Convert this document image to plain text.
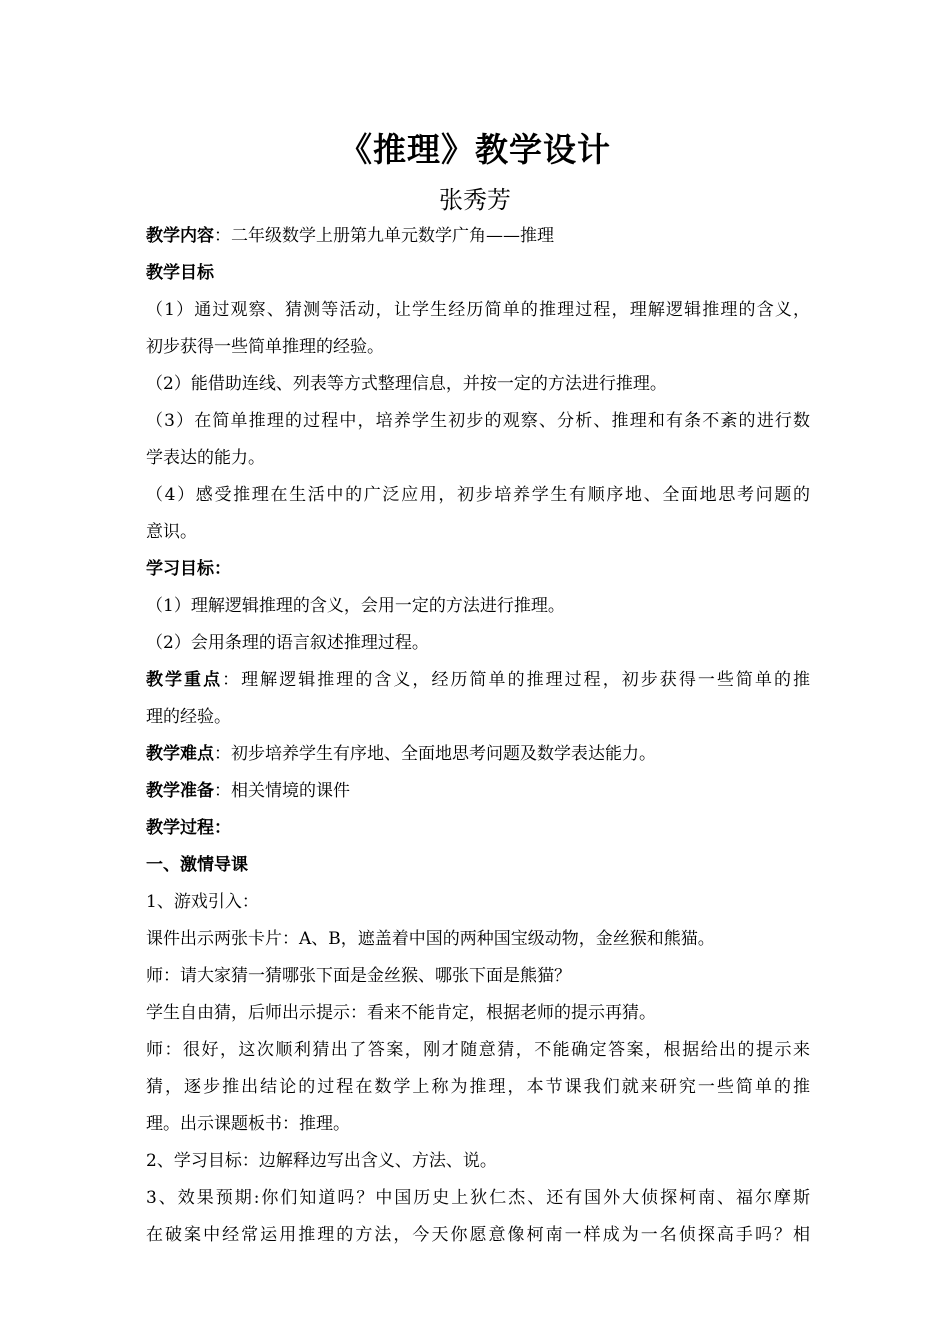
《推理》教学设计
张秀芳
教学内容：二年级数学上册第九单元数学广角——推理
教学目标
（1）通过观察、猜测等活动，让学生经历简单的推理过程，理解逻辑推理的含义，
初步获得一些简单推理的经验。
（2）能借助连线、列表等方式整理信息，并按一定的方法进行推理。
（3）在简单推理的过程中，培养学生初步的观察、分析、推理和有条不紊的进行数
学表达的能力。
（4）感受推理在生活中的广泛应用，初步培养学生有顺序地、全面地思考问题的
意识。
学习目标：
（1）理解逻辑推理的含义，会用一定的方法进行推理。
（2）会用条理的语言叙述推理过程。
教学重点：理解逻辑推理的含义，经历简单的推理过程，初步获得一些简单的推
理的经验。
教学难点：初步培养学生有序地、全面地思考问题及数学表达能力。
教学准备：相关情境的课件
教学过程：
一、激情导课
1、游戏引入：
课件出示两张卡片：A、B，遮盖着中国的两种国宝级动物，金丝猴和熊猫。
师：请大家猜一猜哪张下面是金丝猴、哪张下面是熊猫？
学生自由猜，后师出示提示：看来不能肯定，根据老师的提示再猜。
师：很好，这次顺利猜出了答案，刚才随意猜，不能确定答案，根据给出的提示来
猜，逐步推出结论的过程在数学上称为推理，本节课我们就来研究一些简单的推
理。出示课题板书：推理。
2、学习目标：边解释边写出含义、方法、说。
3、效果预期:你们知道吗？中国历史上狄仁杰、还有国外大侦探柯南、福尔摩斯
在破案中经常运用推理的方法，今天你愿意像柯南一样成为一名侦探高手吗？相
